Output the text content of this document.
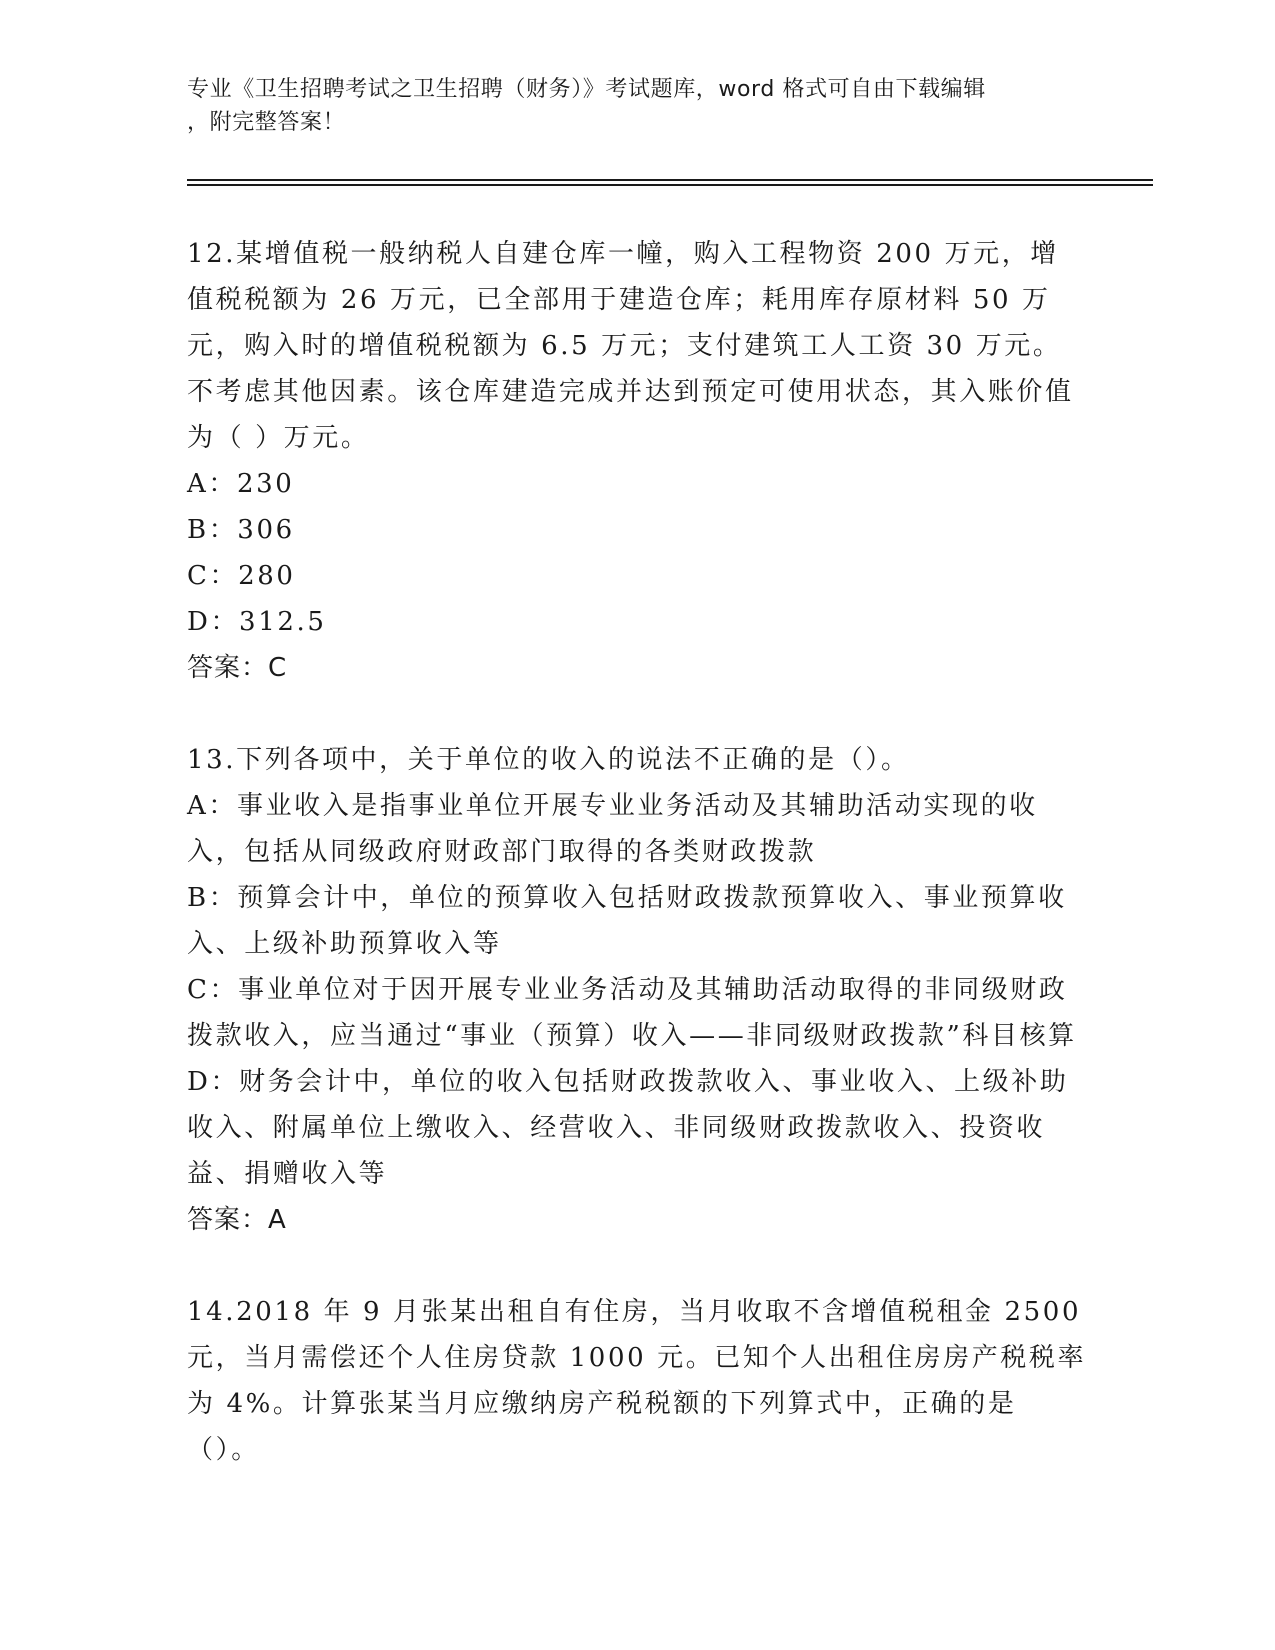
专业《卫生招聘考试之卫生招聘（财务）》考试题库，word 格式可自由下载编辑
，附完整答案！

12.某增值税一般纳税人自建仓库一幢，购入工程物资 200 万元，增值税税额为 26 万元，已全部用于建造仓库；耗用库存原材料 50 万元，购入时的增值税税额为 6.5 万元；支付建筑工人工资 30 万元。不考虑其他因素。该仓库建造完成并达到预定可使用状态，其入账价值为（ ）万元。

A：230

B：306

C：280

D：312.5

答案：C

13.下列各项中，关于单位的收入的说法不正确的是（）。

A：事业收入是指事业单位开展专业业务活动及其辅助活动实现的收入，包括从同级政府财政部门取得的各类财政拨款

B：预算会计中，单位的预算收入包括财政拨款预算收入、事业预算收入、上级补助预算收入等

C：事业单位对于因开展专业业务活动及其辅助活动取得的非同级财政拨款收入，应当通过“事业（预算）收入——非同级财政拨款”科目核算

D：财务会计中，单位的收入包括财政拨款收入、事业收入、上级补助收入、附属单位上缴收入、经营收入、非同级财政拨款收入、投资收益、捐赠收入等

答案：A

14.2018 年 9 月张某出租自有住房，当月收取不含增值税租金 2500 元，当月需偿还个人住房贷款 1000 元。已知个人出租住房房产税税率为 4%。计算张某当月应缴纳房产税税额的下列算式中，正确的是（）。
